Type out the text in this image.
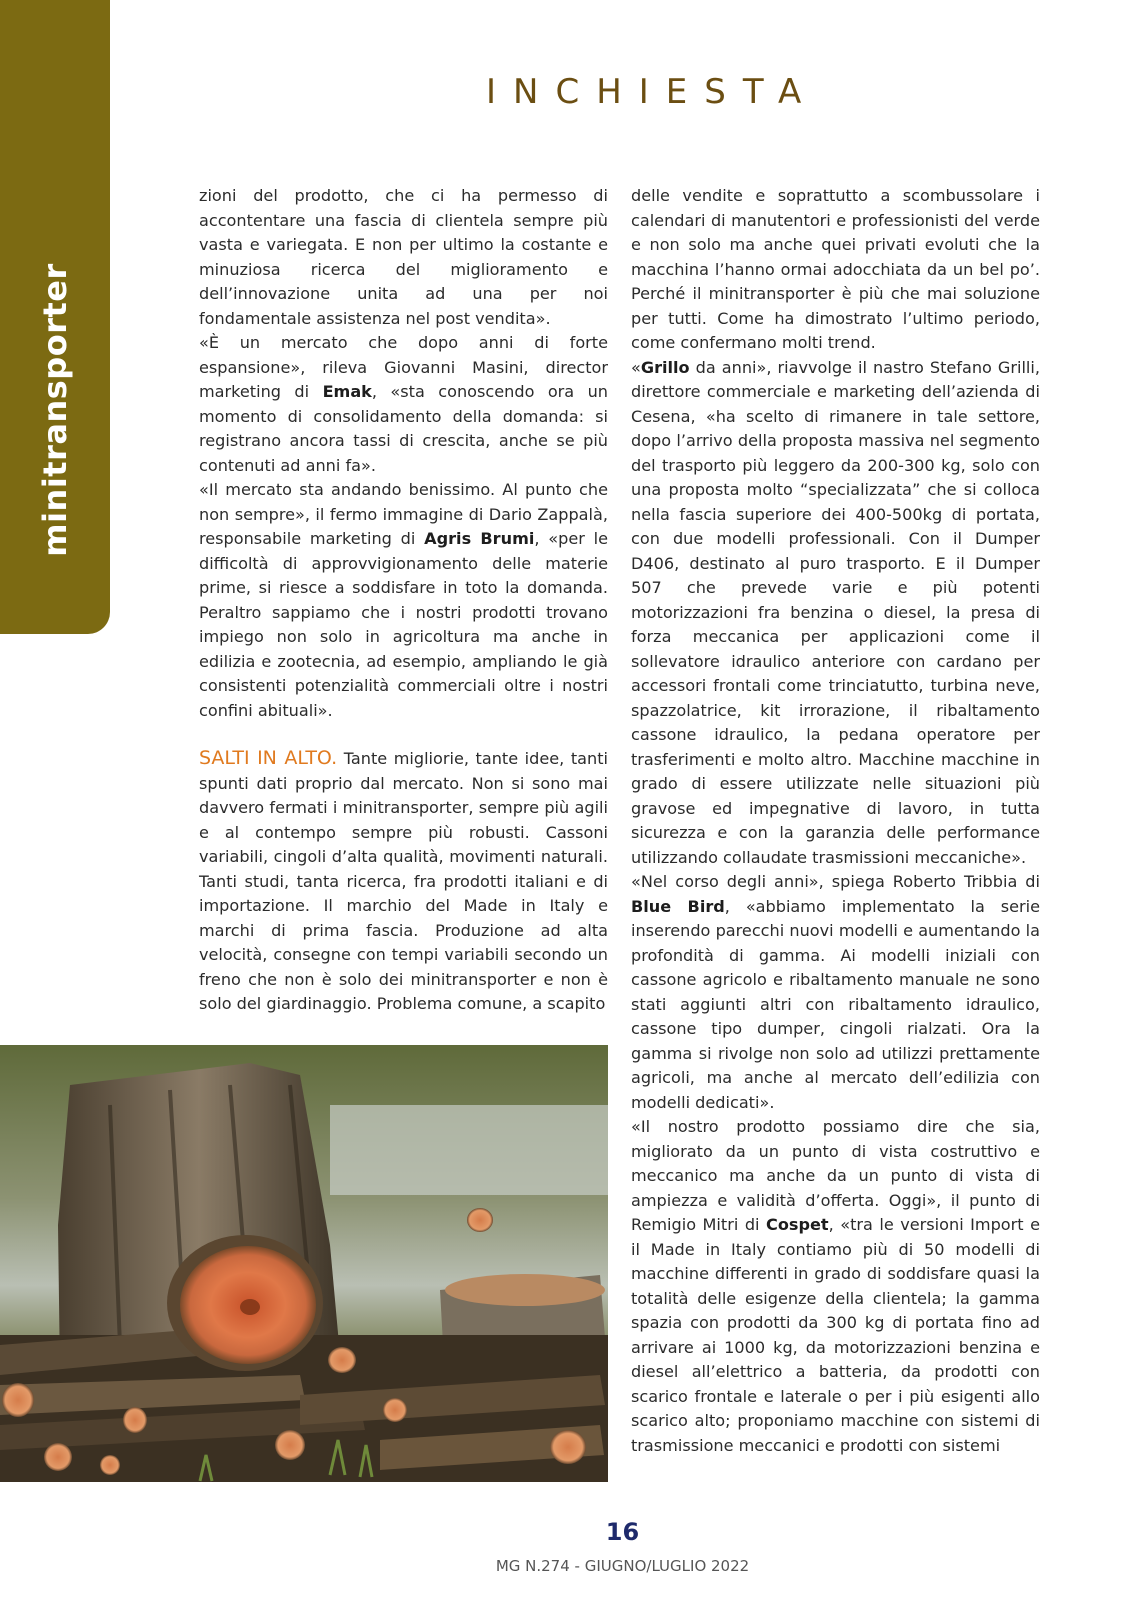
minitransporter
INCHIESTA

zioni del prodotto, che ci ha permesso di accontentare una fascia di clientela sempre più vasta e variegata. E non per ultimo la costante e minuziosa ricerca del miglioramento e dell’innovazione unita ad una per noi fondamentale assistenza nel post vendita».

«È un mercato che dopo anni di forte espansione», rileva Giovanni Masini, director marketing di Emak, «sta conoscendo ora un momento di consolidamento della domanda: si registrano ancora tassi di crescita, anche se più contenuti ad anni fa».

«Il mercato sta andando benissimo. Al punto che non sempre», il fermo immagine di Dario Zappalà, responsabile marketing di Agris Brumi, «per le difficoltà di approvvigionamento delle materie prime, si riesce a soddisfare in toto la domanda. Peraltro sappiamo che i nostri prodotti trovano impiego non solo in agricoltura ma anche in edilizia e zootecnia, ad esempio, ampliando le già consistenti potenzialità commerciali oltre i nostri confini abituali».

SALTI IN ALTO. Tante migliorie, tante idee, tanti spunti dati proprio dal mercato. Non si sono mai davvero fermati i minitransporter, sempre più agili e al contempo sempre più robusti. Cassoni variabili, cingoli d’alta qualità, movimenti naturali. Tanti studi, tanta ricerca, fra prodotti italiani e di importazione. Il marchio del Made in Italy e marchi di prima fascia. Produzione ad alta velocità, consegne con tempi variabili secondo un freno che non è solo dei minitransporter e non è solo del giardinaggio. Problema comune, a scapito

delle vendite e soprattutto a scombussolare i calendari di manutentori e professionisti del verde e non solo ma anche quei privati evoluti che la macchina l’hanno ormai adocchiata da un bel po’. Perché il minitransporter è più che mai soluzione per tutti. Come ha dimostrato l’ultimo periodo, come confermano molti trend.

«Grillo da anni», riavvolge il nastro Stefano Grilli, direttore commerciale e marketing dell’azienda di Cesena, «ha scelto di rimanere in tale settore, dopo l’arrivo della proposta massiva nel segmento del trasporto più leggero da 200-300 kg, solo con una proposta molto “specializzata” che si colloca nella fascia superiore dei 400-500kg di portata, con due modelli professionali. Con il Dumper D406, destinato al puro trasporto. E il Dumper 507 che prevede varie e più potenti motorizzazioni fra benzina o diesel, la presa di forza meccanica per applicazioni come il sollevatore idraulico anteriore con cardano per accessori frontali come trinciatutto, turbina neve, spazzolatrice, kit irrorazione, il ribaltamento cassone idraulico, la pedana operatore per trasferimenti e molto altro. Macchine macchine in grado di essere utilizzate nelle situazioni più gravose ed impegnative di lavoro, in tutta sicurezza e con la garanzia delle performance utilizzando collaudate trasmissioni meccaniche».

«Nel corso degli anni», spiega Roberto Tribbia di Blue Bird, «abbiamo implementato la serie inserendo parecchi nuovi modelli e aumentando la profondità di gamma. Ai modelli iniziali con cassone agricolo e ribaltamento manuale ne sono stati aggiunti altri con ribaltamento idraulico, cassone tipo dumper, cingoli rialzati. Ora la gamma si rivolge non solo ad utilizzi prettamente agricoli, ma anche al mercato dell’edilizia con modelli dedicati».

«Il nostro prodotto possiamo dire che sia, migliorato da un punto di vista costruttivo e meccanico ma anche da un punto di vista di ampiezza e validità d’offerta. Oggi», il punto di Remigio Mitri di Cospet, «tra le versioni Import e il Made in Italy contiamo più di 50 modelli di macchine differenti in grado di soddisfare quasi la totalità delle esigenze della clientela; la gamma spazia con prodotti da 300 kg di portata fino ad arrivare ai 1000 kg, da motorizzazioni benzina e diesel all’elettrico a batteria, da prodotti con scarico frontale e laterale o per i più esigenti allo scarico alto; proponiamo macchine con sistemi di trasmissione meccanici e prodotti con sistemi

16
MG N.274 - GIUGNO/LUGLIO 2022
